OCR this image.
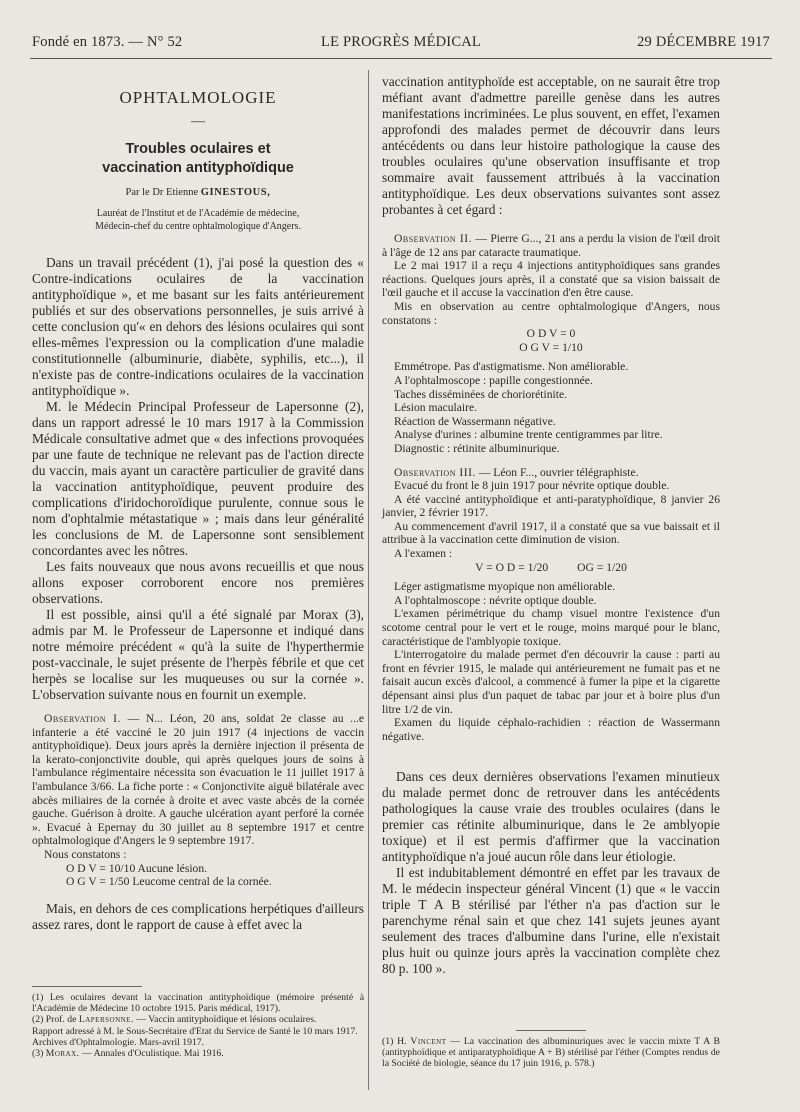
Fondé en 1873. — N° 52	LE PROGRÈS MÉDICAL	29 DÉCEMBRE 1917
OPHTALMOLOGIE
—
Troubles oculaires et
vaccination antityphoïdique
Par le Dr Etienne GINESTOUS,
Lauréat de l'Institut et de l'Académie de médecine,
Médecin-chef du centre ophtalmologique d'Angers.

Dans un travail précédent (1), j'ai posé la question des « Contre-indications oculaires de la vaccination antityphoïdique », et me basant sur les faits antérieurement publiés et sur des observations personnelles, je suis arrivé à cette conclusion qu'« en dehors des lésions oculaires qui sont elles-mêmes l'expression ou la complication d'une maladie constitutionnelle (albuminurie, diabète, syphilis, etc...), il n'existe pas de contre-indications oculaires de la vaccination antityphoïdique ».

M. le Médecin Principal Professeur de Lapersonne (2), dans un rapport adressé le 10 mars 1917 à la Commission Médicale consultative admet que « des infections provoquées par une faute de technique ne relevant pas de l'action directe du vaccin, mais ayant un caractère particulier de gravité dans la vaccination antityphoïdique, peuvent produire des complications d'iridochoroïdique purulente, connue sous le nom d'ophtalmie métastatique » ; mais dans leur généralité les conclusions de M. de Lapersonne sont sensiblement concordantes avec les nôtres.

Les faits nouveaux que nous avons recueillis et que nous allons exposer corroborent encore nos premières observations.

Il est possible, ainsi qu'il a été signalé par Morax (3), admis par M. le Professeur de Lapersonne et indiqué dans notre mémoire précédent « qu'à la suite de l'hyperthermie post-vaccinale, le sujet présente de l'herpès fébrile et que cet herpès se localise sur les muqueuses ou sur la cornée ». L'observation suivante nous en fournit un exemple.

Observation I. — N... Léon, 20 ans, soldat 2e classe au ...e infanterie a été vacciné le 20 juin 1917 (4 injections de vaccin antityphoïdique). Deux jours après la dernière injection il présenta de la kerato-conjonctivite double, qui après quelques jours de soins à l'ambulance régimentaire nécessita son évacuation le 11 juillet 1917 à l'ambulance 3/66. La fiche porte : « Conjonctivite aiguë bilatérale avec abcès miliaires de la cornée à droite et avec vaste abcès de la cornée gauche. Guérison à droite. A gauche ulcération ayant perforé la cornée ». Evacué à Epernay du 30 juillet au 8 septembre 1917 et centre ophtalmologique d'Angers le 9 septembre 1917.

Nous constatons :

O D V = 10/10 Aucune lésion.

O G V = 1/50 Leucome central de la cornée.

Mais, en dehors de ces complications herpétiques d'ailleurs assez rares, dont le rapport de cause à effet avec la

(1) Les oculaires devant la vaccination antityphoïdique (mémoire présenté à l'Académie de Médecine 10 octobre 1915. Paris médical, 1917).

(2) Prof. de Lapersonne. — Vaccin antityphoïdique et lésions oculaires.

Rapport adressé à M. le Sous-Secrétaire d'Etat du Service de Santé le 10 mars 1917.

Archives d'Ophtalmologie. Mars-avril 1917.

(3) Morax. — Annales d'Oculistique. Mai 1916.

vaccination antityphoïde est acceptable, on ne saurait être trop méfiant avant d'admettre pareille genèse dans les autres manifestations incriminées. Le plus souvent, en effet, l'examen approfondi des malades permet de découvrir dans leurs antécédents ou dans leur histoire pathologique la cause des troubles oculaires qu'une observation insuffisante et trop sommaire avait faussement attribués à la vaccination antityphoïdique. Les deux observations suivantes sont assez probantes à cet égard :

Observation II. — Pierre G..., 21 ans a perdu la vision de l'œil droit à l'âge de 12 ans par cataracte traumatique.

Le 2 mai 1917 il a reçu 4 injections antityphoïdiques sans grandes réactions. Quelques jours après, il a constaté que sa vision baissait de l'œil gauche et il accuse la vaccination d'en être cause.

Mis en observation au centre ophtalmologique d'Angers, nous constatons :

O D V = 0

O G V = 1/10

Emmétrope. Pas d'astigmatisme. Non améliorable.

A l'ophtalmoscope : papille congestionnée.

Taches disséminées de choriorétinite.

Lésion maculaire.

Réaction de Wassermann négative.

Analyse d'urines : albumine trente centigrammes par litre.

Diagnostic : rétinite albuminurique.

Observation III. — Léon F..., ouvrier télégraphiste.

Evacué du front le 8 juin 1917 pour névrite optique double.

A été vacciné antityphoïdique et anti-paratyphoïdique, 8 janvier 26 janvier, 2 février 1917.

Au commencement d'avril 1917, il a constaté que sa vue baissait et il attribue à la vaccination cette diminution de vision.

A l'examen :

V = O D = 1/20          OG = 1/20

Léger astigmatisme myopique non améliorable.

A l'ophtalmoscope : névrite optique double.

L'examen périmétrique du champ visuel montre l'existence d'un scotome central pour le vert et le rouge, moins marqué pour le blanc, caractéristique de l'amblyopie toxique.

L'interrogatoire du malade permet d'en découvrir la cause : parti au front en février 1915, le malade qui antérieurement ne fumait pas et ne faisait aucun excès d'alcool, a commencé à fumer la pipe et la cigarette dépensant ainsi plus d'un paquet de tabac par jour et à boire plus d'un litre 1/2 de vin.

Examen du liquide céphalo-rachidien : réaction de Wassermann négative.

Dans ces deux dernières observations l'examen minutieux du malade permet donc de retrouver dans les antécédents pathologiques la cause vraie des troubles oculaires (dans le premier cas rétinite albuminurique, dans le 2e amblyopie toxique) et il est permis d'affirmer que la vaccination antityphoïdique n'a joué aucun rôle dans leur étiologie.

Il est indubitablement démontré en effet par les travaux de M. le médecin inspecteur général Vincent (1) que « le vaccin triple T A B stérilisé par l'éther n'a pas d'action sur le parenchyme rénal sain et que chez 141 sujets jeunes ayant seulement des traces d'albumine dans l'urine, elle n'existait plus huit ou quinze jours après la vaccination complète chez 80 p. 100 ».

(1) H. Vincent — La vaccination des albuminuriques avec le vaccin mixte T A B (antityphoïdique et antiparatyphoïdique A + B) stérilisé par l'éther (Comptes rendus de la Société de biologie, séance du 17 juin 1916, p. 578.)
